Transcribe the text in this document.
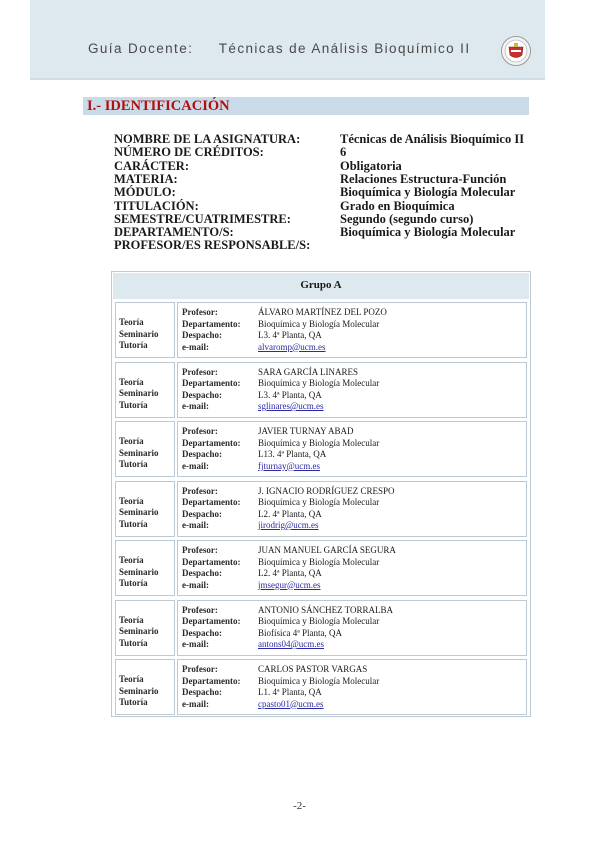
Guía Docente: Técnicas de Análisis Bioquímico II
I.- IDENTIFICACIÓN
NOMBRE DE LA ASIGNATURA:	Técnicas de Análisis Bioquímico II
NÚMERO DE CRÉDITOS:	6
CARÁCTER:	Obligatoria
MATERIA:	Relaciones Estructura-Función
MÓDULO:	Bioquímica y Biología Molecular
TITULACIÓN:	Grado en Bioquímica
SEMESTRE/CUATRIMESTRE:	Segundo (segundo curso)
DEPARTAMENTO/S:	Bioquímica y Biología Molecular
PROFESOR/ES RESPONSABLE/S:
Grupo A
Teoría
Seminario
Tutoría
Profesor:	ÁLVARO MARTÍNEZ DEL POZO
Departamento: Bioquímica y Biología Molecular
Despacho:	L3. 4ª Planta, QA
e-mail:	alvaromp@ucm.es
Teoría
Seminario
Tutoría
Profesor:	SARA GARCÍA LINARES
Departamento: Bioquímica y Biología Molecular
Despacho:	L3. 4ª Planta, QA
e-mail:	sglinares@ucm.es
Teoría
Seminario
Tutoría
Profesor:	JAVIER TURNAY ABAD
Departamento: Bioquímica y Biología Molecular
Despacho:	L13. 4ª Planta, QA
e-mail:	fjturnay@ucm.es
Teoría
Seminario
Tutoría
Profesor:	J. IGNACIO RODRÍGUEZ CRESPO
Departamento: Bioquímica y Biología Molecular
Despacho:	L2. 4ª Planta, QA
e-mail:	jirodrig@ucm.es
Teoría
Seminario
Tutoría
Profesor:	JUAN MANUEL GARCÍA SEGURA
Departamento: Bioquímica y Biología Molecular
Despacho:	L2. 4ª Planta, QA
e-mail:	jmsegur@ucm.es
Teoría
Seminario
Tutoría
Profesor:	ANTONIO SÁNCHEZ TORRALBA
Departamento: Bioquímica y Biología Molecular
Despacho:	Biofísica 4ª Planta, QA
e-mail:	antons04@ucm.es
Teoría
Seminario
Tutoría
Profesor:	CARLOS PASTOR VARGAS
Departamento: Bioquímica y Biología Molecular
Despacho:	L1. 4ª Planta, QA
e-mail:	cpasto01@ucm.es
-2-
